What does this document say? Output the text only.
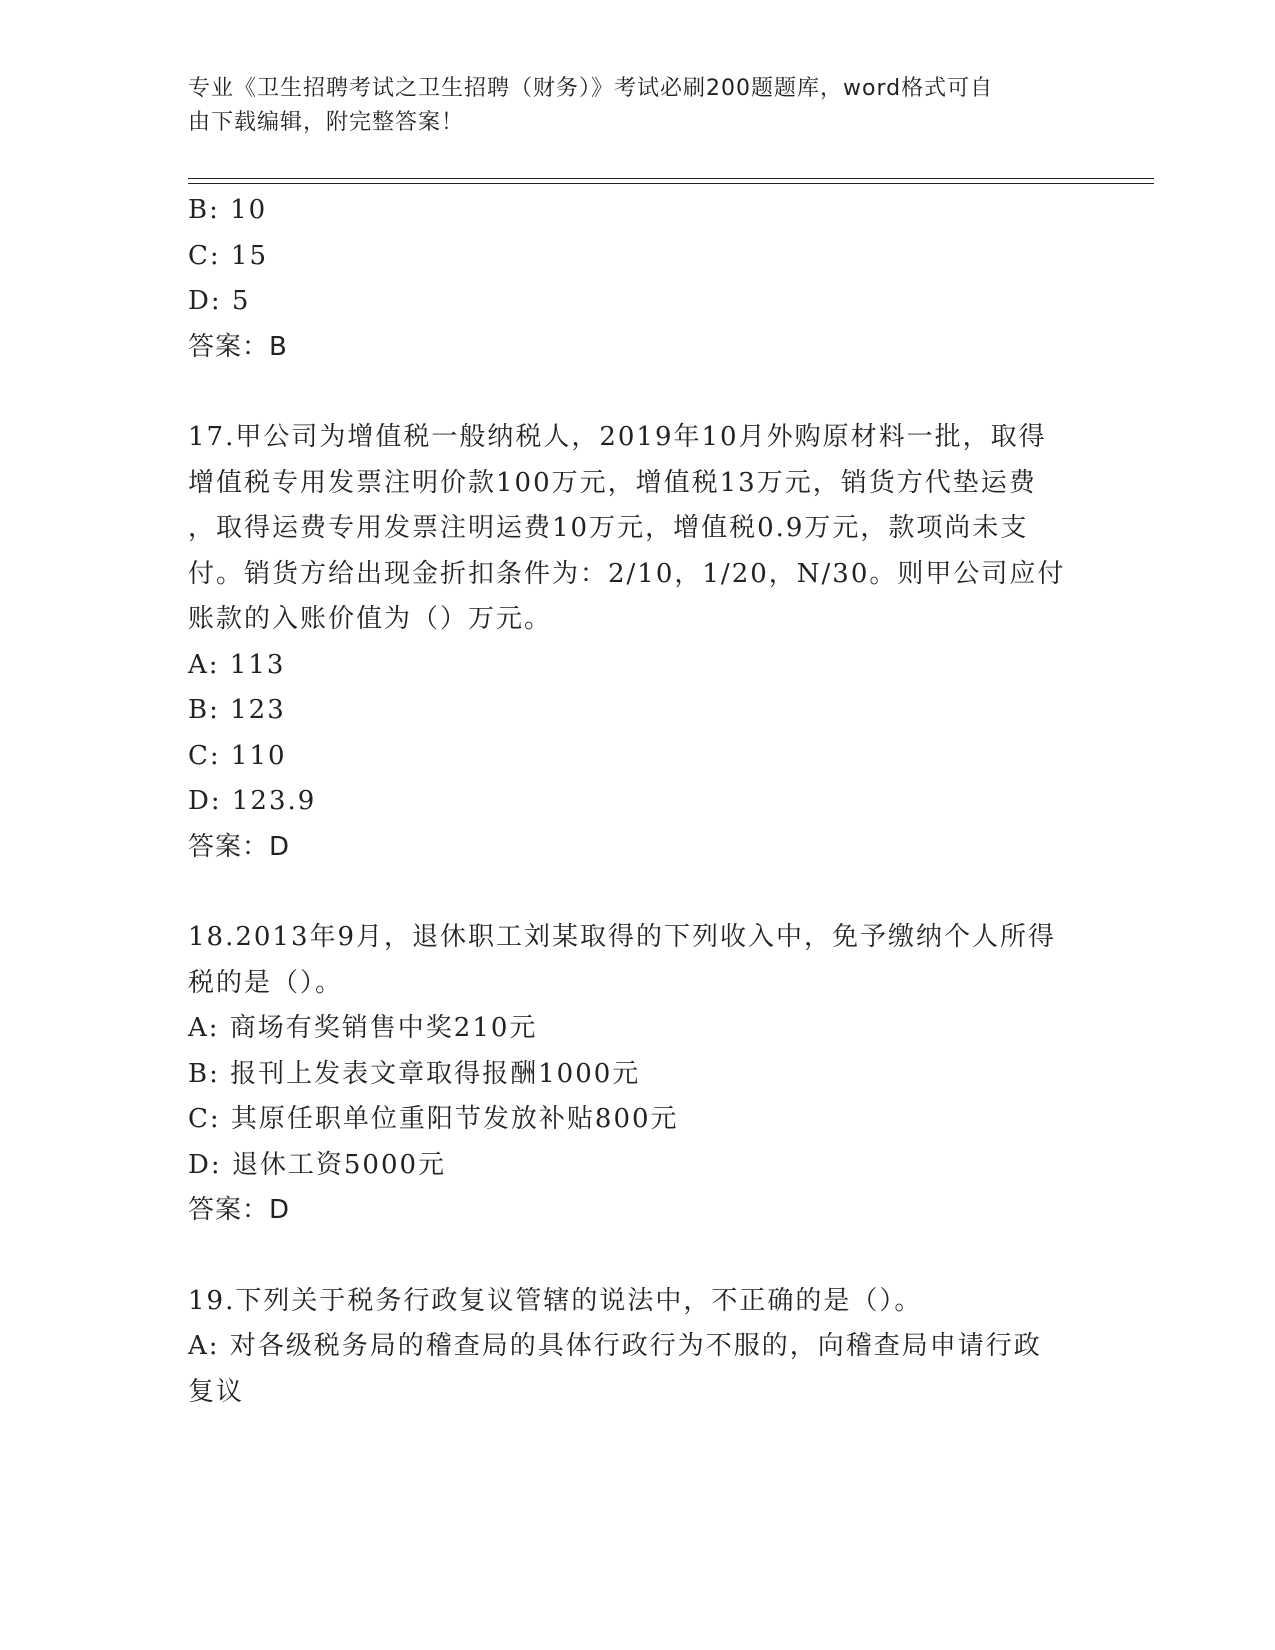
专业《卫生招聘考试之卫生招聘（财务）》考试必刷200题题库，word格式可自
由下载编辑，附完整答案！
B: 10
C: 15
D: 5
答案：B
17.甲公司为增值税一般纳税人，2019年10月外购原材料一批，取得
增值税专用发票注明价款100万元，增值税13万元，销货方代垫运费
，取得运费专用发票注明运费10万元，增值税0.9万元，款项尚未支
付。销货方给出现金折扣条件为：2/10，1/20，N/30。则甲公司应付
账款的入账价值为（）万元。
A: 113
B: 123
C: 110
D: 123.9
答案：D
18.2013年9月，退休职工刘某取得的下列收入中，免予缴纳个人所得
税的是（）。
A: 商场有奖销售中奖210元
B: 报刊上发表文章取得报酬1000元
C: 其原任职单位重阳节发放补贴800元
D: 退休工资5000元
答案：D
19.下列关于税务行政复议管辖的说法中，不正确的是（）。
A: 对各级税务局的稽查局的具体行政行为不服的，向稽查局申请行政
复议
